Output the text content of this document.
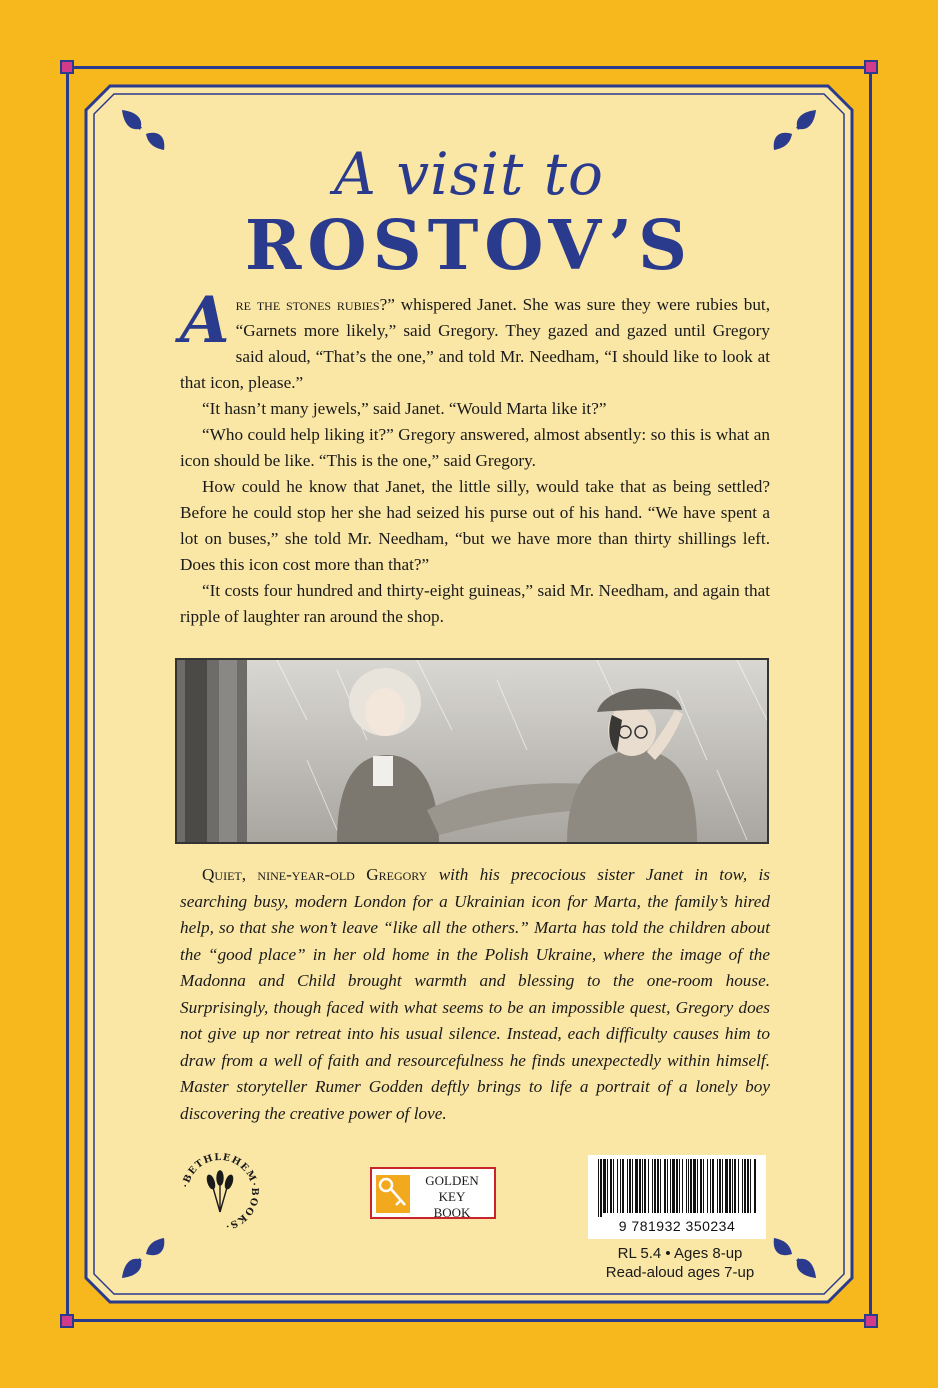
A visit to
ROSTOV’S

Are the stones rubies?” whispered Janet. She was sure they were rubies but, “Garnets more likely,” said Gregory. They gazed and gazed until Gregory said aloud, “That’s the one,” and told Mr. Needham, “I should like to look at that icon, please.”

“It hasn’t many jewels,” said Janet. “Would Marta like it?”

“Who could help liking it?” Gregory answered, almost absently: so this is what an icon should be like. “This is the one,” said Gregory.

How could he know that Janet, the little silly, would take that as being settled? Before he could stop her she had seized his purse out of his hand. “We have spent a lot on buses,” she told Mr. Needham, “but we have more than thirty shillings left. Does this icon cost more than that?”

“It costs four hundred and thirty-eight guineas,” said Mr. Needham, and again that ripple of laughter ran around the shop.

Quiet, nine-year-old Gregory with his precocious sister Janet in tow, is searching busy, modern London for a Ukrainian icon for Marta, the family’s hired help, so that she won’t leave “like all the others.” Marta has told the children about the “good place” in her old home in the Polish Ukraine, where the image of the Madonna and Child brought warmth and blessing to the one-room house. Surprisingly, though faced with what seems to be an impossible quest, Gregory does not give up nor retreat into his usual silence. Instead, each difficulty causes him to draw from a well of faith and resourcefulness he finds unexpectedly within himself. Master storyteller Rumer Godden deftly brings to life a portrait of a lonely boy discovering the creative power of love.

·BETHLEHEM·BOOKS·
GOLDEN KEY
BOOK
9 781932 350234
RL 5.4 • Ages 8-up
Read-aloud ages 7-up
